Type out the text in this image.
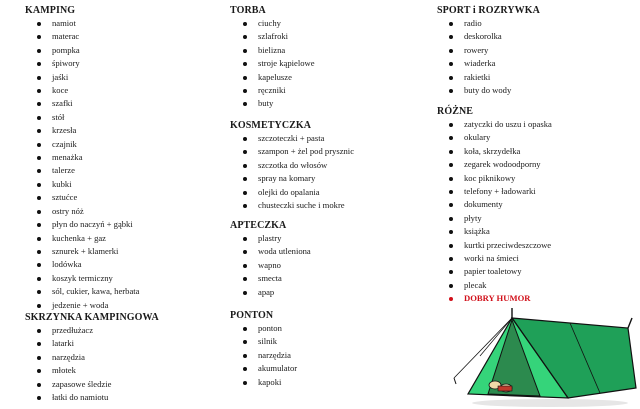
KAMPING
namiot
materac
pompka
śpiwory
jaśki
koce
szafki
stół
krzesła
czajnik
menażka
talerze
kubki
sztućce
ostry nóż
płyn do naczyń + gąbki
kuchenka + gaz
sznurek + klamerki
lodówka
koszyk termiczny
sól, cukier, kawa, herbata
jedzenie + woda
SKRZYNKA KAMPINGOWA
przedłużacz
latarki
narzędzia
młotek
zapasowe śledzie
łatki do namiotu
TORBA
ciuchy
szlafroki
bielizna
stroje kąpielowe
kapelusze
ręczniki
buty
KOSMETYCZKA
szczoteczki + pasta
szampon + żel pod prysznic
szczotka do włosów
spray na komary
olejki do opalania
chusteczki suche i mokre
APTECZKA
plastry
woda utleniona
wapno
smecta
apap
PONTON
ponton
silnik
narzędzia
akumulator
kapoki
SPORT i ROZRYWKA
radio
deskorolka
rowery
wiaderka
rakietki
buty do wody
RÓŻNE
zatyczki do uszu i opaska
okulary
koła, skrzydełka
zegarek wodoodporny
koc piknikowy
telefony + ładowarki
dokumenty
płyty
książka
kurtki przeciwdeszczowe
worki na śmieci
papier toaletowy
plecak
DOBRY HUMOR
